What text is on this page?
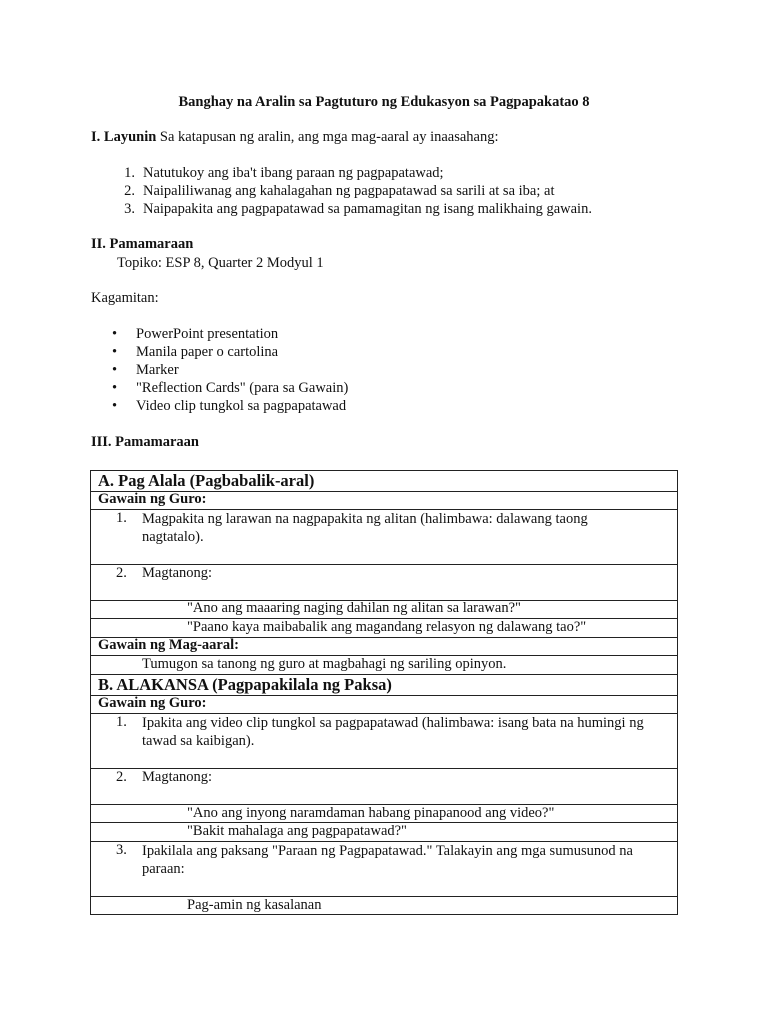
Banghay na Aralin sa Pagtuturo ng Edukasyon sa Pagpapakatao 8
I. Layunin Sa katapusan ng aralin, ang mga mag-aaral ay inaasahang:
1. Natutukoy ang iba't ibang paraan ng pagpapatawad;
2. Naipaliliwanag ang kahalagahan ng pagpapatawad sa sarili at sa iba; at
3. Naipapakita ang pagpapatawad sa pamamagitan ng isang malikhaing gawain.
II. Pamamaraan
Topiko: ESP 8, Quarter 2 Modyul 1
Kagamitan:
• PowerPoint presentation
• Manila paper o cartolina
• Marker
• "Reflection Cards" (para sa Gawain)
• Video clip tungkol sa pagpapatawad
III. Pamamaraan
A. Pag Alala (Pagbabalik-aral)
Gawain ng Guro:
1. Magpakita ng larawan na nagpapakita ng alitan (halimbawa: dalawang taong nagtatalo).
2. Magtanong:
"Ano ang maaaring naging dahilan ng alitan sa larawan?"
"Paano kaya maibabalik ang magandang relasyon ng dalawang tao?"
Gawain ng Mag-aaral:
Tumugon sa tanong ng guro at magbahagi ng sariling opinyon.
B. ALAKANSA (Pagpapakilala ng Paksa)
Gawain ng Guro:
1. Ipakita ang video clip tungkol sa pagpapatawad (halimbawa: isang bata na humingi ng tawad sa kaibigan).
2. Magtanong:
"Ano ang inyong naramdaman habang pinapanood ang video?"
"Bakit mahalaga ang pagpapatawad?"
3. Ipakilala ang paksang "Paraan ng Pagpapatawad." Talakayin ang mga sumusunod na paraan:
Pag-amin ng kasalanan
